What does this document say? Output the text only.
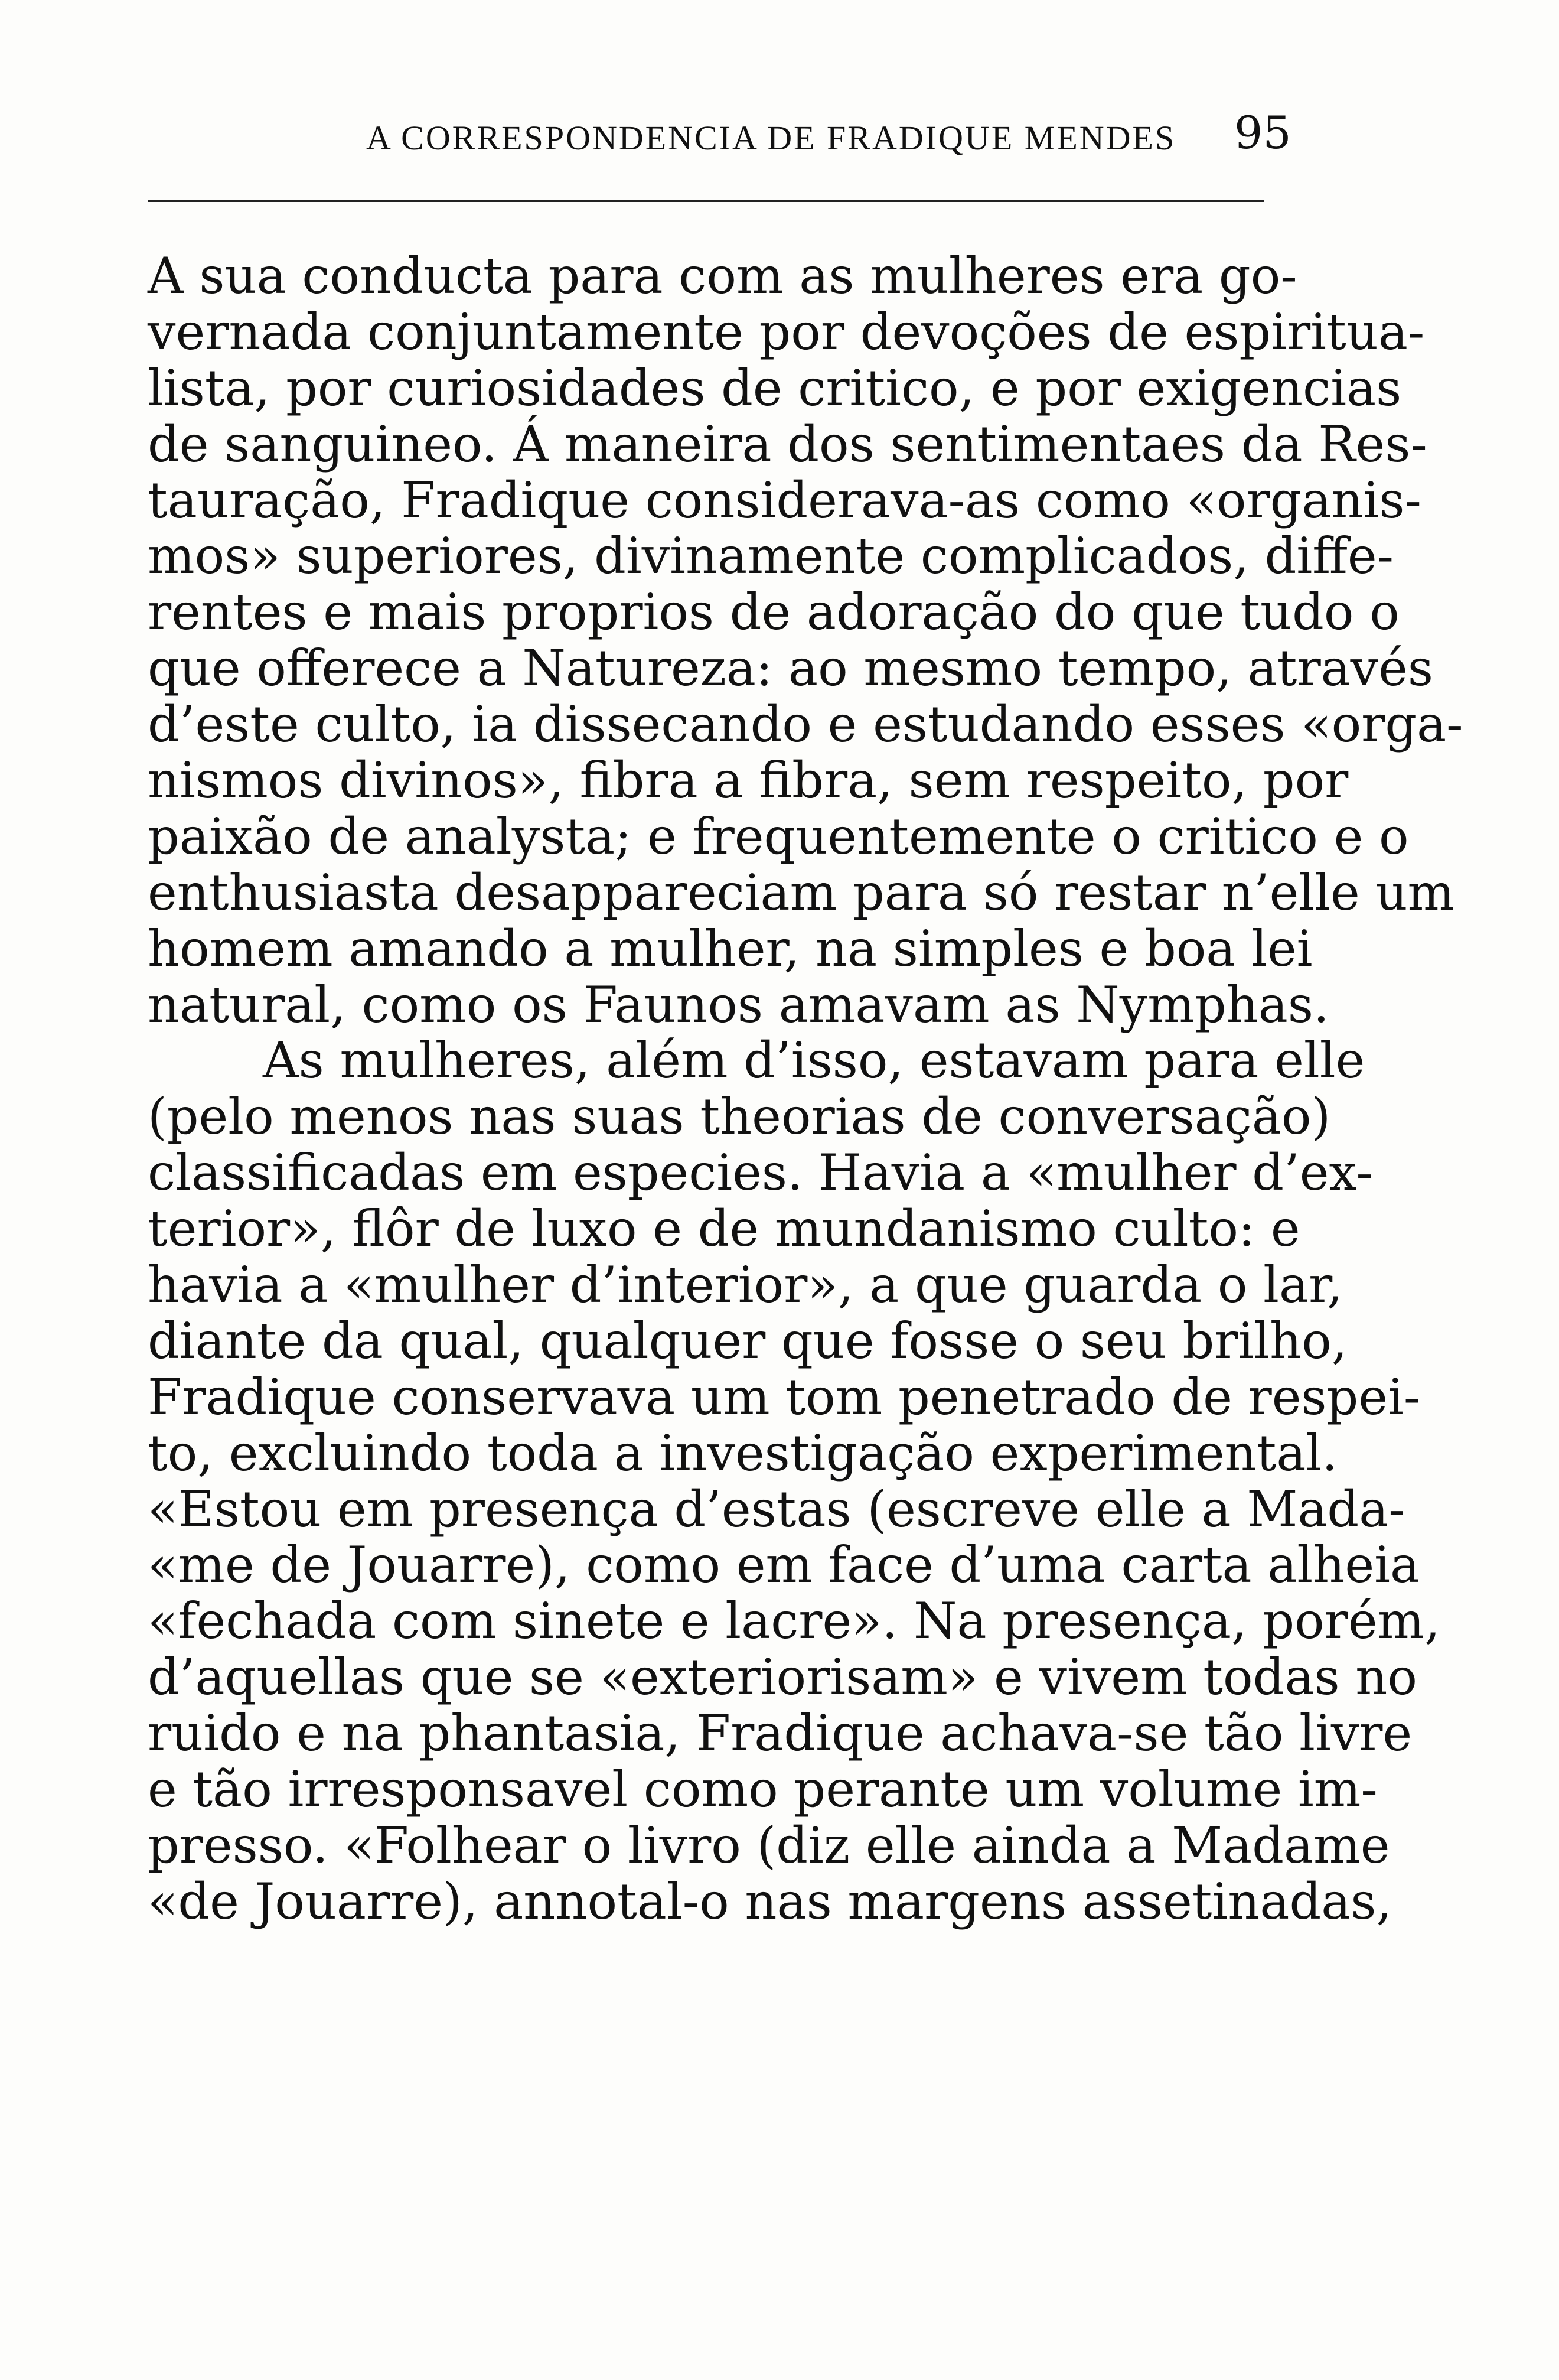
A CORRESPONDENCIA DE FRADIQUE MENDES 95
A sua conducta para com as mulheres era go-
vernada conjuntamente por devoções de espiritua-
lista, por curiosidades de critico, e por exigencias
de sanguineo. Á maneira dos sentimentaes da Res-
tauração, Fradique considerava-as como «organis-
mos» superiores, divinamente complicados, diffe-
rentes e mais proprios de adoração do que tudo o
que offerece a Natureza: ao mesmo tempo, através
d’este culto, ia dissecando e estudando esses «orga-
nismos divinos», fibra a fibra, sem respeito, por
paixão de analysta; e frequentemente o critico e o
enthusiasta desappareciam para só restar n’elle um
homem amando a mulher, na simples e boa lei
natural, como os Faunos amavam as Nymphas.
As mulheres, além d’isso, estavam para elle
(pelo menos nas suas theorias de conversação)
classificadas em especies. Havia a «mulher d’ex-
terior», flôr de luxo e de mundanismo culto: e
havia a «mulher d’interior», a que guarda o lar,
diante da qual, qualquer que fosse o seu brilho,
Fradique conservava um tom penetrado de respei-
to, excluindo toda a investigação experimental.
«Estou em presença d’estas (escreve elle a Mada-
«me de Jouarre), como em face d’uma carta alheia
«fechada com sinete e lacre». Na presença, porém,
d’aquellas que se «exteriorisam» e vivem todas no
ruido e na phantasia, Fradique achava-se tão livre
e tão irresponsavel como perante um volume im-
presso. «Folhear o livro (diz elle ainda a Madame
«de Jouarre), annotal-o nas margens assetinadas,
